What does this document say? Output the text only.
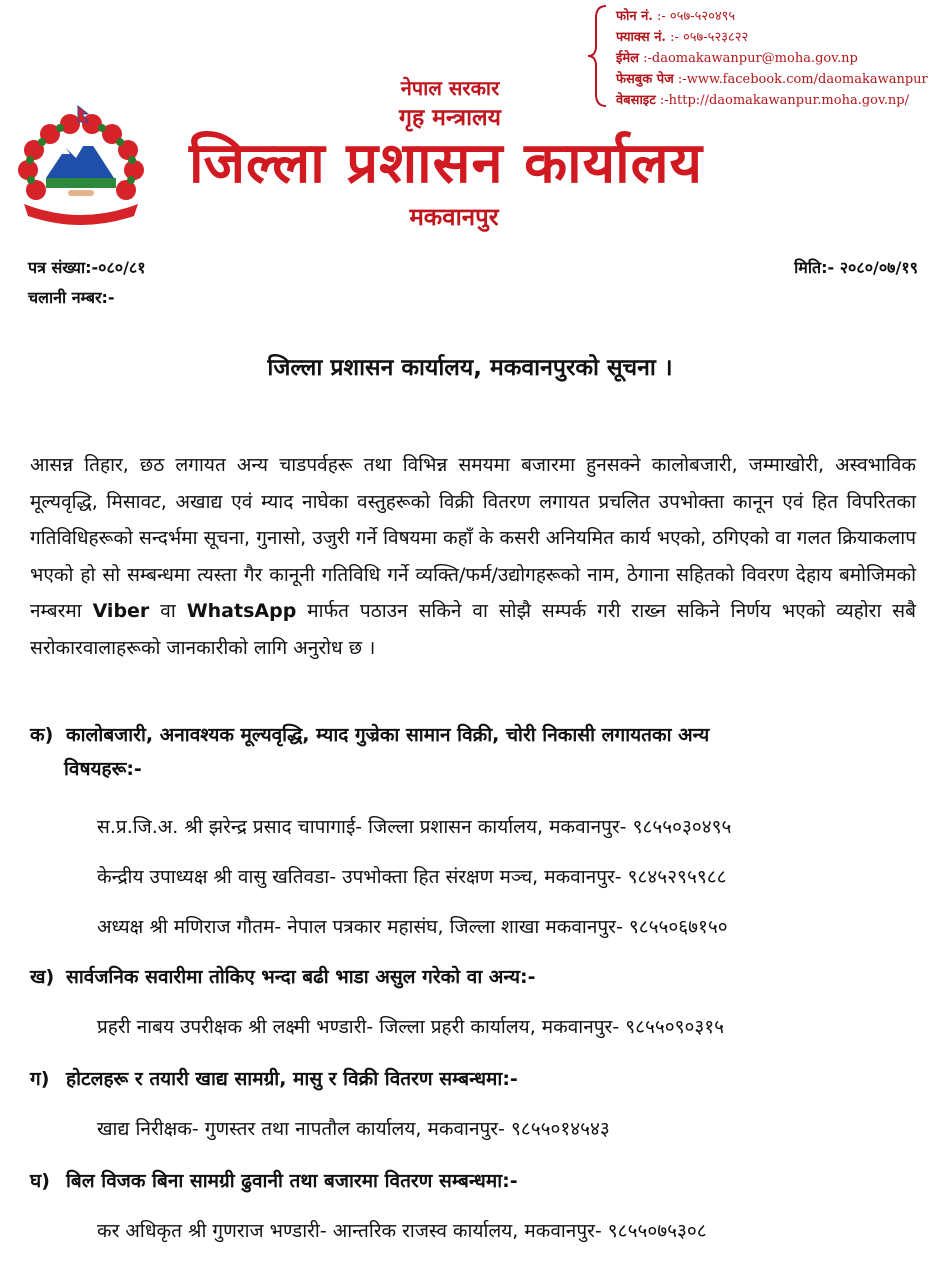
फोन नं. :- ०५७-५२०४९५
फ्याक्स नं. :- ०५७-५२३८२२
ईमेल :-daomakawanpur@moha.gov.np
फेसबुक पेज :-www.facebook.com/daomakawanpur
वेबसाइट :-http://daomakawanpur.moha.gov.np/
नेपाल सरकार
गृह मन्त्रालय
जिल्ला प्रशासन कार्यालय
मकवानपुर
पत्र संख्या:-०८०/८१
चलानी नम्बर:-
मिति:- २०८०/०७/१९
जिल्ला प्रशासन कार्यालय, मकवानपुरको सूचना ।
आसन्न तिहार, छठ लगायत अन्य चाडपर्वहरू तथा विभिन्न समयमा बजारमा हुनसक्ने कालोबजारी, जम्माखोरी, अस्वभाविक मूल्यवृद्धि, मिसावट, अखाद्य एवं म्याद नाघेका वस्तुहरूको विक्री वितरण लगायत प्रचलित उपभोक्ता कानून एवं हित विपरितका गतिविधिहरूको सन्दर्भमा सूचना, गुनासो, उजुरी गर्ने विषयमा कहाँ के कसरी अनियमित कार्य भएको, ठगिएको वा गलत क्रियाकलाप भएको हो सो सम्बन्धमा त्यस्ता गैर कानूनी गतिविधि गर्ने व्यक्ति/फर्म/उद्योगहरूको नाम, ठेगाना सहितको विवरण देहाय बमोजिमको नम्बरमा Viber वा WhatsApp मार्फत पठाउन सकिने वा सोझै सम्पर्क गरी राख्न सकिने निर्णय भएको व्यहोरा सबै सरोकारवालाहरूको जानकारीको लागि अनुरोध छ ।
क) कालोबजारी, अनावश्यक मूल्यवृद्धि, म्याद गुज्रेका सामान विक्री, चोरी निकासी लगायतका अन्य
विषयहरू:-
स.प्र.जि.अ. श्री झरेन्द्र प्रसाद चापागाई- जिल्ला प्रशासन कार्यालय, मकवानपुर- ९८५५०३०४९५
केन्द्रीय उपाध्यक्ष श्री वासु खतिवडा- उपभोक्ता हित संरक्षण मञ्च, मकवानपुर- ९८४५२९५९८८
अध्यक्ष श्री मणिराज गौतम- नेपाल पत्रकार महासंघ, जिल्ला शाखा मकवानपुर- ९८५५०६७१५०
ख) सार्वजनिक सवारीमा तोकिए भन्दा बढी भाडा असुल गरेको वा अन्य:-
प्रहरी नाबय उपरीक्षक श्री लक्ष्मी भण्डारी- जिल्ला प्रहरी कार्यालय, मकवानपुर- ९८५५०९०३१५
ग) होटलहरू र तयारी खाद्य सामग्री, मासु र विक्री वितरण सम्बन्धमा:-
खाद्य निरीक्षक- गुणस्तर तथा नापतौल कार्यालय, मकवानपुर- ९८५५०१४५४३
घ) बिल विजक बिना सामग्री ढुवानी तथा बजारमा वितरण सम्बन्धमा:-
कर अधिकृत श्री गुणराज भण्डारी- आन्तरिक राजस्व कार्यालय, मकवानपुर- ९८५५०७५३०८
